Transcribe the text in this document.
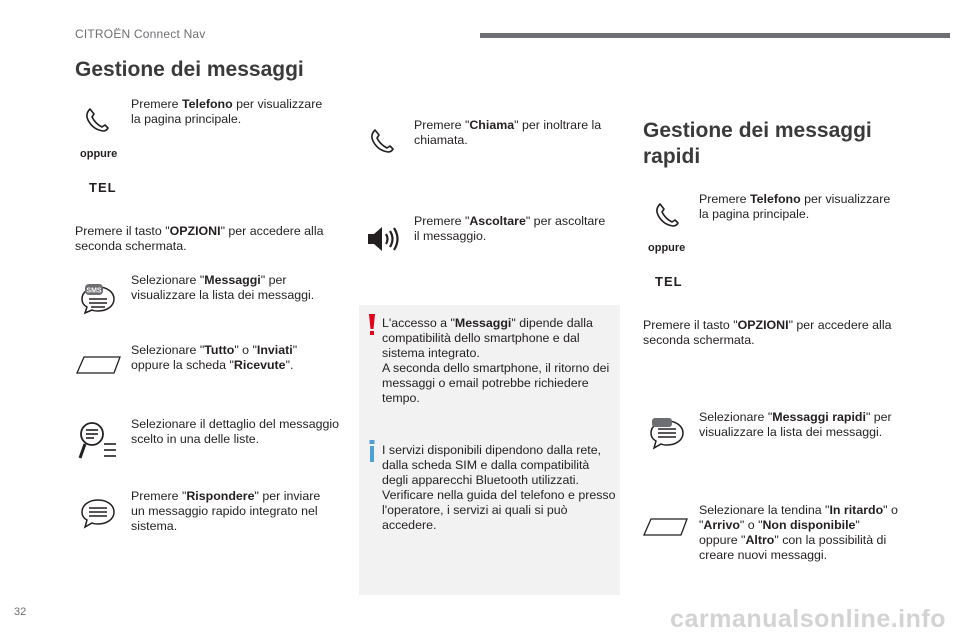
CITROËN Connect Nav
Gestione dei messaggi
Premere Telefono per visualizzare la pagina principale.
oppure
TEL
Premere il tasto "OPZIONI" per accedere alla seconda schermata.
SMS
Selezionare "Messaggi" per visualizzare la lista dei messaggi.
Selezionare "Tutto" o "Inviati" oppure la scheda "Ricevute".
Selezionare il dettaglio del messaggio scelto in una delle liste.
Premere "Rispondere" per inviare un messaggio rapido integrato nel sistema.
Premere "Chiama" per inoltrare la chiamata.
Premere "Ascoltare" per ascoltare il messaggio.
L'accesso a "Messaggi" dipende dalla compatibilità dello smartphone e dal sistema integrato.
A seconda dello smartphone, il ritorno dei messaggi o email potrebbe richiedere tempo.
I servizi disponibili dipendono dalla rete, dalla scheda SIM e dalla compatibilità degli apparecchi Bluetooth utilizzati.
Verificare nella guida del telefono e presso l'operatore, i servizi ai quali si può accedere.
Gestione dei messaggi rapidi
Premere Telefono per visualizzare la pagina principale.
oppure
TEL
Premere il tasto "OPZIONI" per accedere alla seconda schermata.
Selezionare "Messaggi rapidi" per visualizzare la lista dei messaggi.
Selezionare la tendina "In ritardo" o "Arrivo" o "Non disponibile" oppure "Altro" con la possibilità di creare nuovi messaggi.
32	carmanualsonline.info
